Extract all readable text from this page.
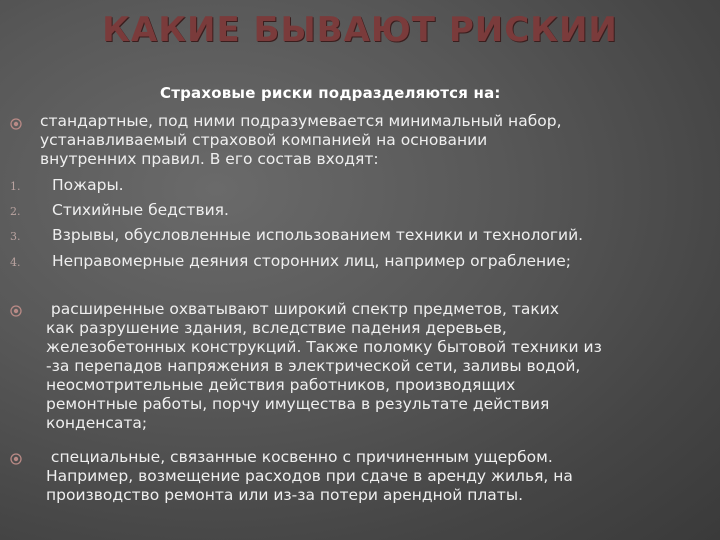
КАКИЕ БЫВАЮТ РИСКИИ
Страховые риски подразделяются на:
стандартные, под ними подразумевается минимальный набор,
устанавливаемый страховой компанией на основании
внутренних правил. В его состав входят:
1. Пожары.
2. Стихийные бедствия.
3. Взрывы, обусловленные использованием техники и технологий.
4. Неправомерные деяния сторонних лиц, например ограбление;
расширенные охватывают широкий спектр предметов, таких
как разрушение здания, вследствие падения деревьев,
железобетонных конструкций. Также поломку бытовой техники из
-за перепадов напряжения в электрической сети, заливы водой,
неосмотрительные действия работников, производящих
ремонтные работы, порчу имущества в результате действия
конденсата;
специальные, связанные косвенно с причиненным ущербом.
Например, возмещение расходов при сдаче в аренду жилья, на
производство ремонта или из-за потери арендной платы.
